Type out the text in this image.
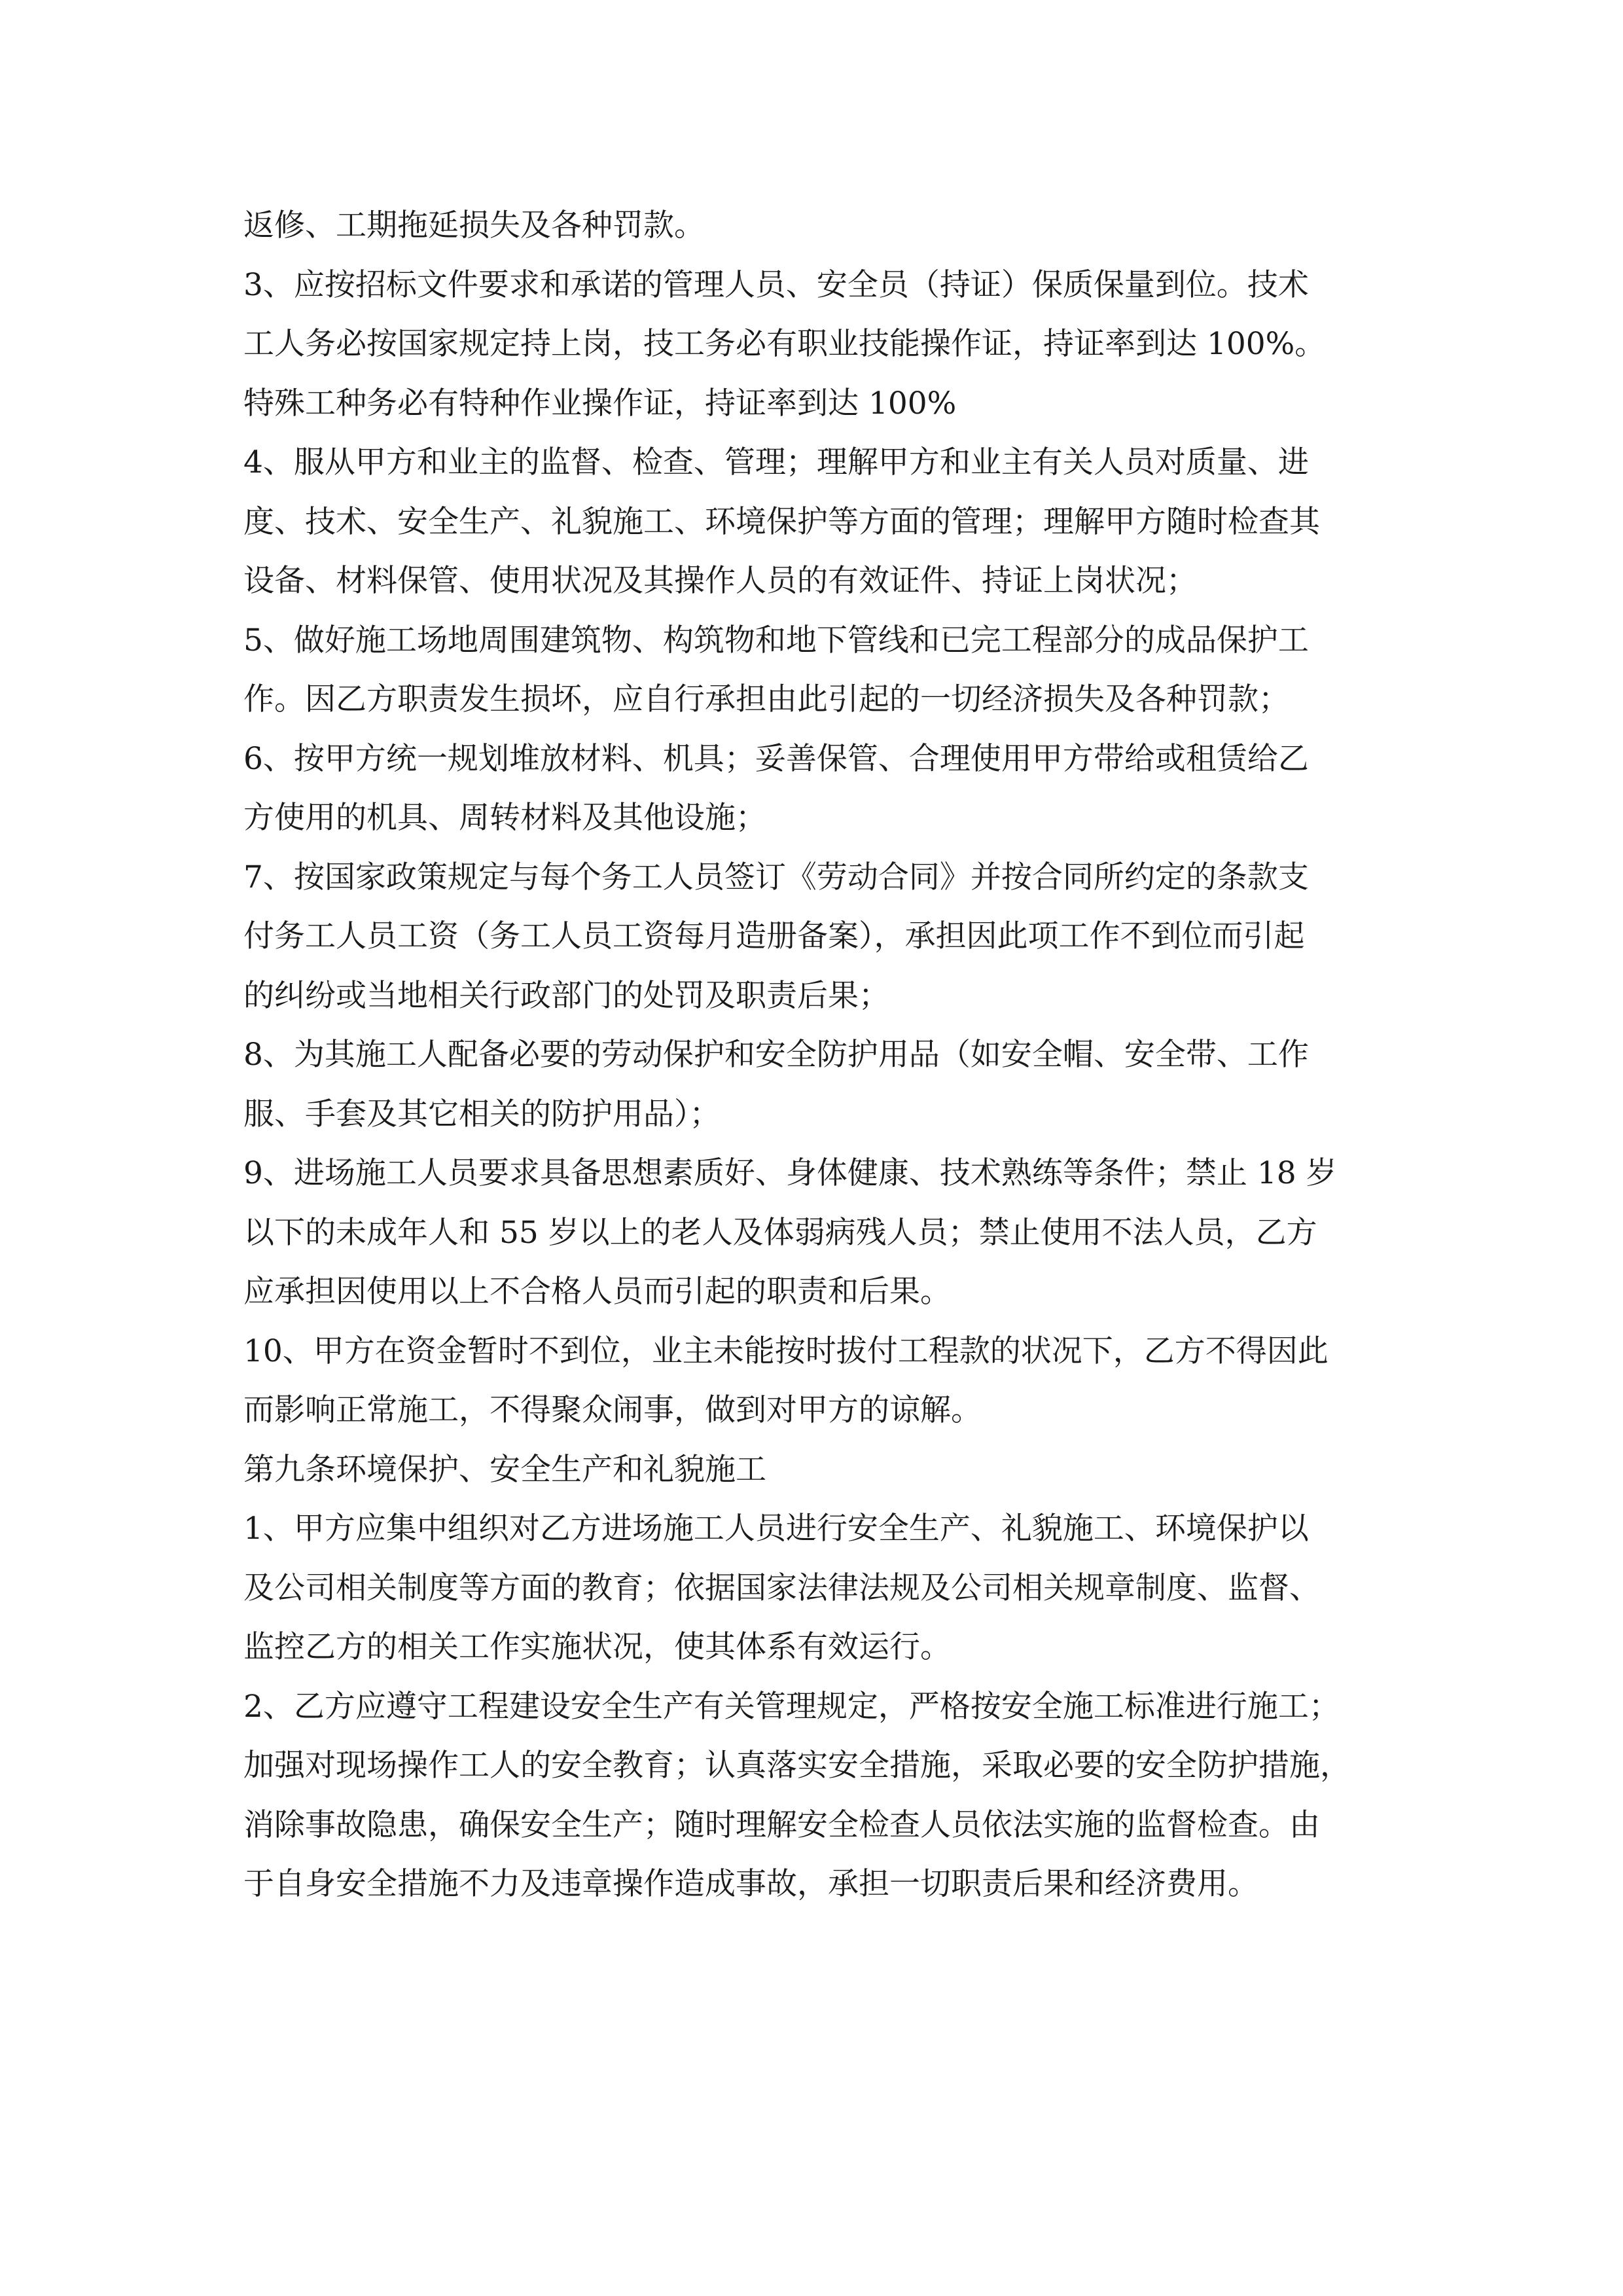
返修、工期拖延损失及各种罚款。
3、应按招标文件要求和承诺的管理人员、安全员（持证）保质保量到位。技术
工人务必按国家规定持上岗，技工务必有职业技能操作证，持证率到达 100%。
特殊工种务必有特种作业操作证，持证率到达 100%
4、服从甲方和业主的监督、检查、管理；理解甲方和业主有关人员对质量、进
度、技术、安全生产、礼貌施工、环境保护等方面的管理；理解甲方随时检查其
设备、材料保管、使用状况及其操作人员的有效证件、持证上岗状况；
5、做好施工场地周围建筑物、构筑物和地下管线和已完工程部分的成品保护工
作。因乙方职责发生损坏，应自行承担由此引起的一切经济损失及各种罚款；
6、按甲方统一规划堆放材料、机具；妥善保管、合理使用甲方带给或租赁给乙
方使用的机具、周转材料及其他设施；
7、按国家政策规定与每个务工人员签订《劳动合同》并按合同所约定的条款支
付务工人员工资（务工人员工资每月造册备案），承担因此项工作不到位而引起
的纠纷或当地相关行政部门的处罚及职责后果；
8、为其施工人配备必要的劳动保护和安全防护用品（如安全帽、安全带、工作
服、手套及其它相关的防护用品）；
9、进场施工人员要求具备思想素质好、身体健康、技术熟练等条件；禁止 18 岁
以下的未成年人和 55 岁以上的老人及体弱病残人员；禁止使用不法人员，乙方
应承担因使用以上不合格人员而引起的职责和后果。
10、甲方在资金暂时不到位，业主未能按时拔付工程款的状况下，乙方不得因此
而影响正常施工，不得聚众闹事，做到对甲方的谅解。
第九条环境保护、安全生产和礼貌施工
1、甲方应集中组织对乙方进场施工人员进行安全生产、礼貌施工、环境保护以
及公司相关制度等方面的教育；依据国家法律法规及公司相关规章制度、监督、
监控乙方的相关工作实施状况，使其体系有效运行。
2、乙方应遵守工程建设安全生产有关管理规定，严格按安全施工标准进行施工；
加强对现场操作工人的安全教育；认真落实安全措施，采取必要的安全防护措施，
消除事故隐患，确保安全生产；随时理解安全检查人员依法实施的监督检查。由
于自身安全措施不力及违章操作造成事故，承担一切职责后果和经济费用。
